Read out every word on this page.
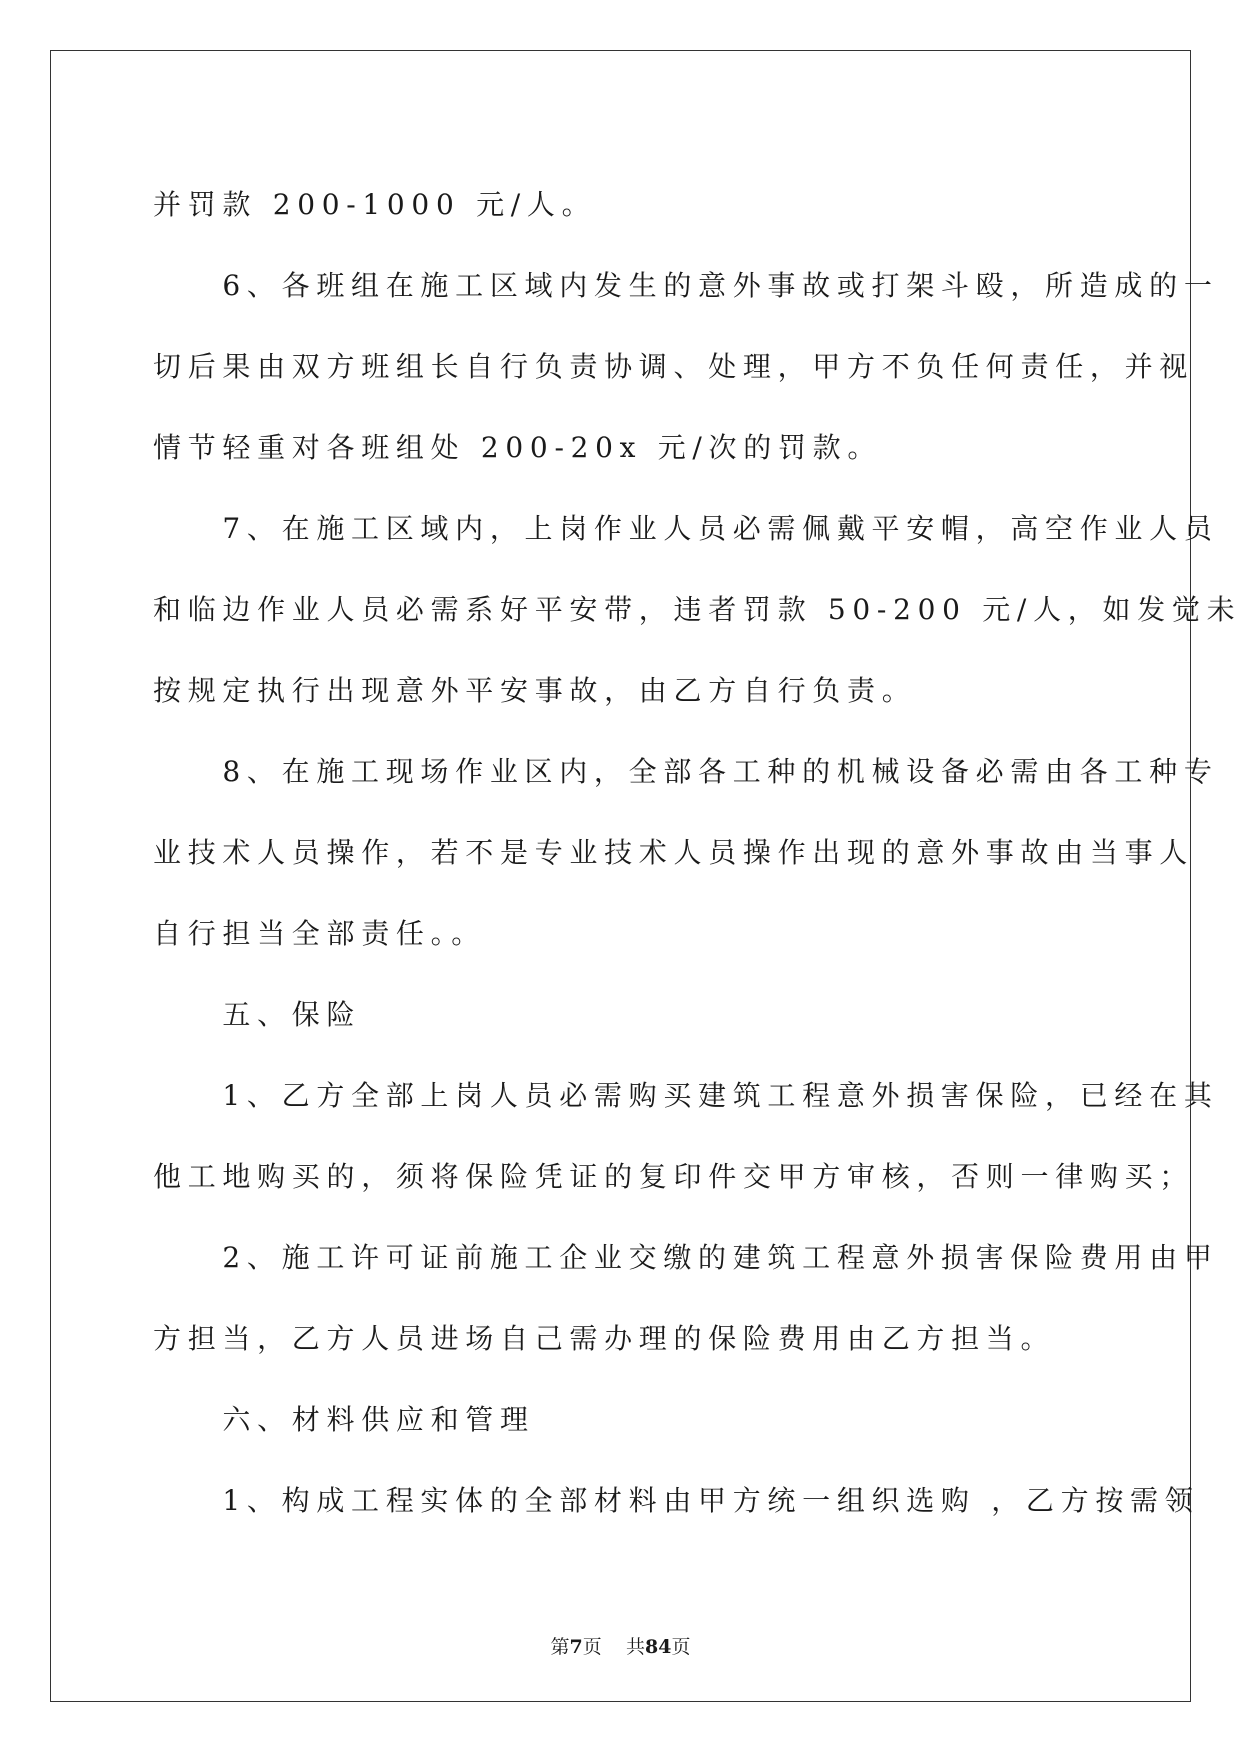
并罚款 200-1000 元/人。
　　6、各班组在施工区域内发生的意外事故或打架斗殴，所造成的一
切后果由双方班组长自行负责协调、处理，甲方不负任何责任，并视
情节轻重对各班组处 200-20x 元/次的罚款。
　　7、在施工区域内，上岗作业人员必需佩戴平安帽，高空作业人员
和临边作业人员必需系好平安带，违者罚款 50-200 元/人，如发觉未
按规定执行出现意外平安事故，由乙方自行负责。
　　8、在施工现场作业区内，全部各工种的机械设备必需由各工种专
业技术人员操作，若不是专业技术人员操作出现的意外事故由当事人
自行担当全部责任。。
　　五、保险
　　1、乙方全部上岗人员必需购买建筑工程意外损害保险，已经在其
他工地购买的，须将保险凭证的复印件交甲方审核，否则一律购买；
　　2、施工许可证前施工企业交缴的建筑工程意外损害保险费用由甲
方担当，乙方人员进场自己需办理的保险费用由乙方担当。
　　六、材料供应和管理
　　1、构成工程实体的全部材料由甲方统一组织选购 ，乙方按需领

第7页 共84页
